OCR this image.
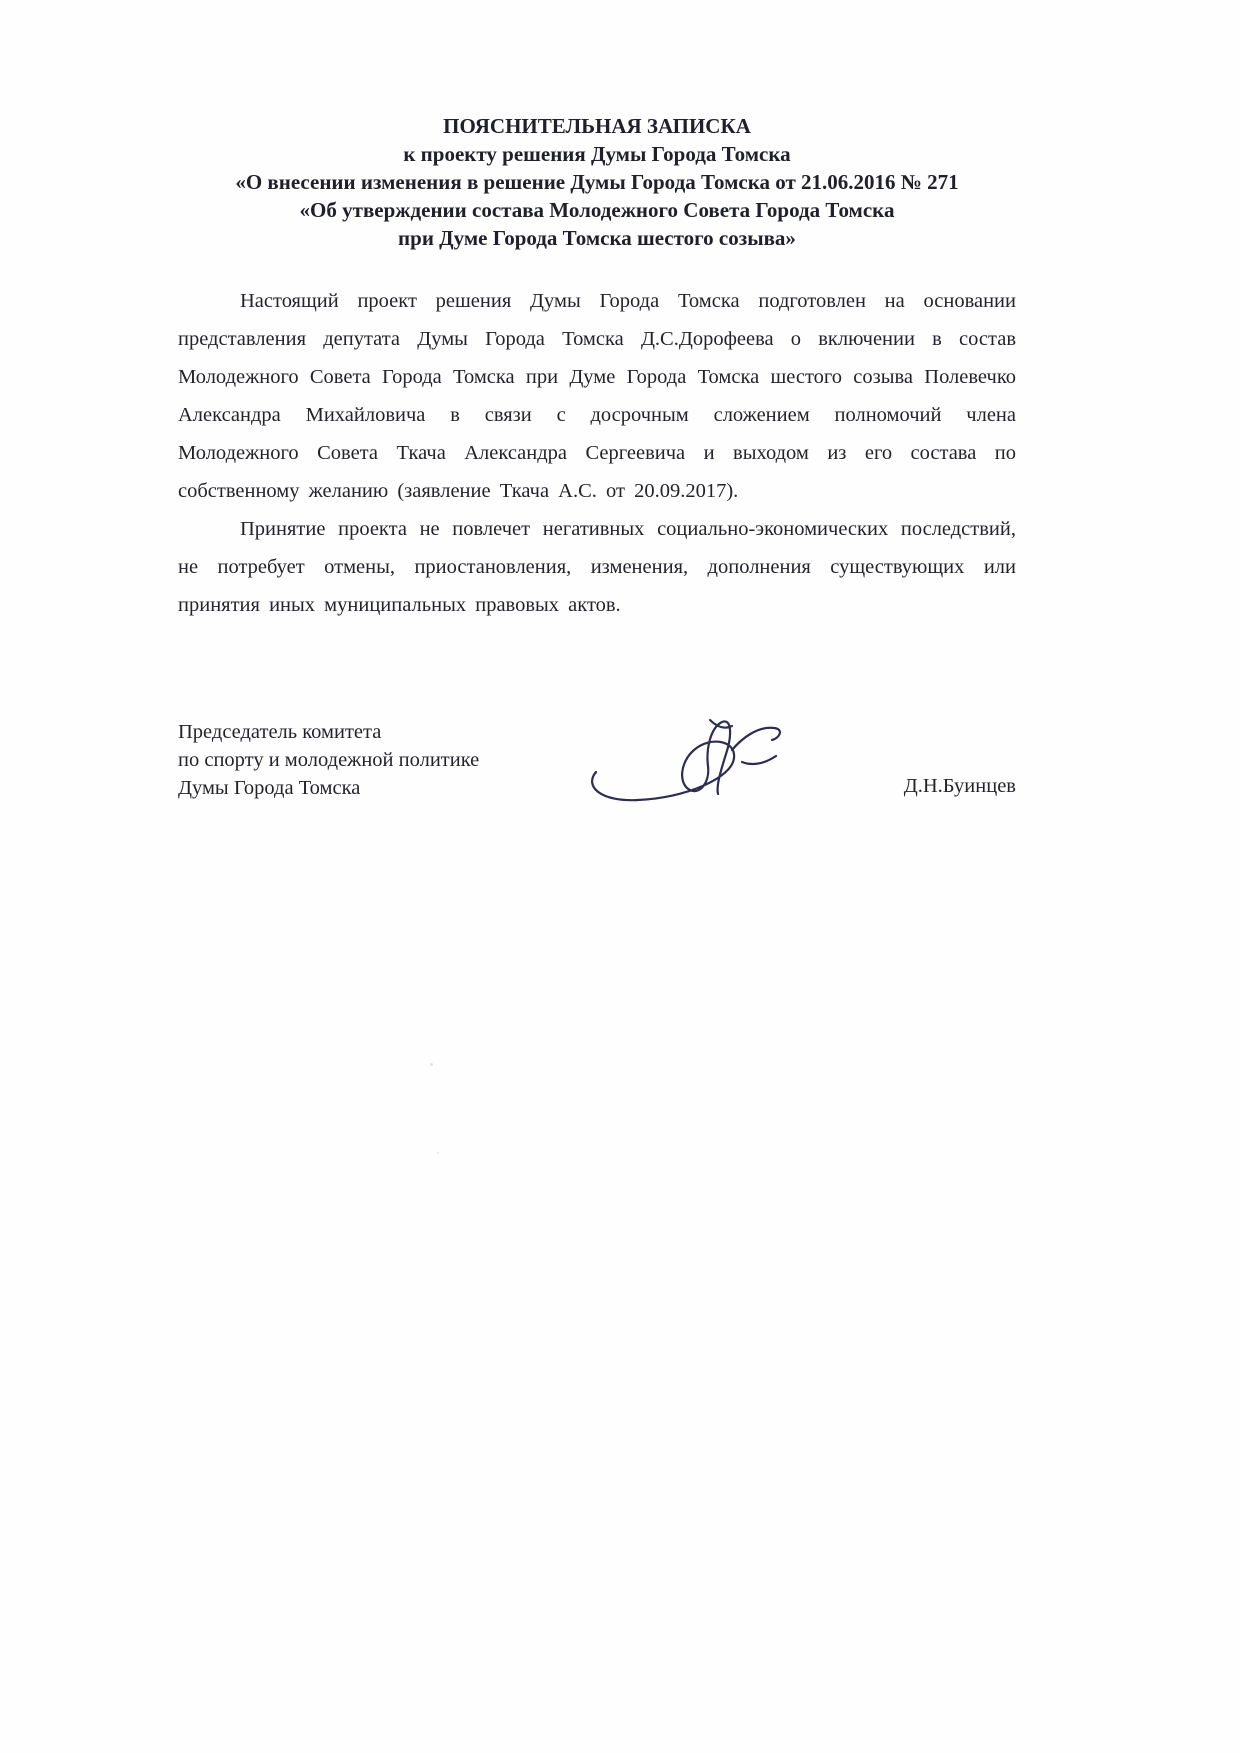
ПОЯСНИТЕЛЬНАЯ ЗАПИСКА
к проекту решения Думы Города Томска
«О внесении изменения в решение Думы Города Томска от 21.06.2016 № 271
«Об утверждении состава Молодежного Совета Города Томска
при Думе Города Томска шестого созыва»

Настоящий проект решения Думы Города Томска подготовлен на основании представления депутата Думы Города Томска Д.С.Дорофеева о включении в состав Молодежного Совета Города Томска при Думе Города Томска шестого созыва Полевечко Александра Михайловича в связи с досрочным сложением полномочий члена Молодежного Совета Ткача Александра Сергеевича и выходом из его состава по собственному желанию (заявление Ткача А.С. от 20.09.2017).

Принятие проекта не повлечет негативных социально-экономических последствий, не потребует отмены, приостановления, изменения, дополнения существующих или принятия иных муниципальных правовых актов.

Председатель комитета
по спорту и молодежной политике
Думы Города Томска	Д.Н.Буинцев
